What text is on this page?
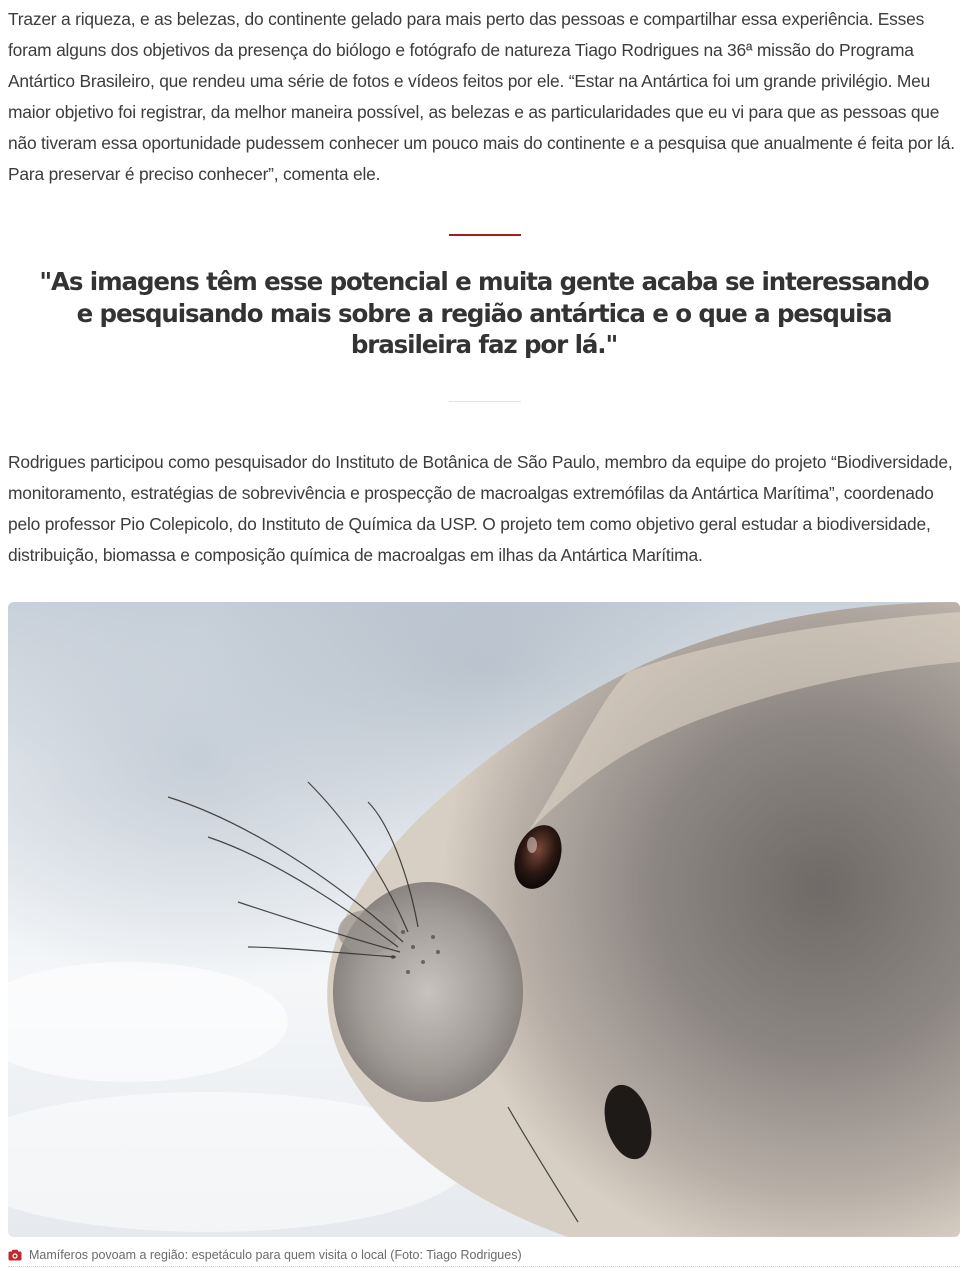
Trazer a riqueza, e as belezas, do continente gelado para mais perto das pessoas e compartilhar essa experiência. Esses foram alguns dos objetivos da presença do biólogo e fotógrafo de natureza Tiago Rodrigues na 36ª missão do Programa Antártico Brasileiro, que rendeu uma série de fotos e vídeos feitos por ele. “Estar na Antártica foi um grande privilégio. Meu maior objetivo foi registrar, da melhor maneira possível, as belezas e as particularidades que eu vi para que as pessoas que não tiveram essa oportunidade pudessem conhecer um pouco mais do continente e a pesquisa que anualmente é feita por lá. Para preservar é preciso conhecer”, comenta ele.

"As imagens têm esse potencial e muita gente acaba se interessando e pesquisando mais sobre a região antártica e o que a pesquisa brasileira faz por lá."

Rodrigues participou como pesquisador do Instituto de Botânica de São Paulo, membro da equipe do projeto “Biodiversidade, monitoramento, estratégias de sobrevivência e prospecção de macroalgas extremófilas da Antártica Marítima”, coordenado pelo professor Pio Colepicolo, do Instituto de Química da USP. O projeto tem como objetivo geral estudar a biodiversidade, distribuição, biomassa e composição química de macroalgas em ilhas da Antártica Marítima.

Mamíferos povoam a região: espetáculo para quem visita o local (Foto: Tiago Rodrigues)
